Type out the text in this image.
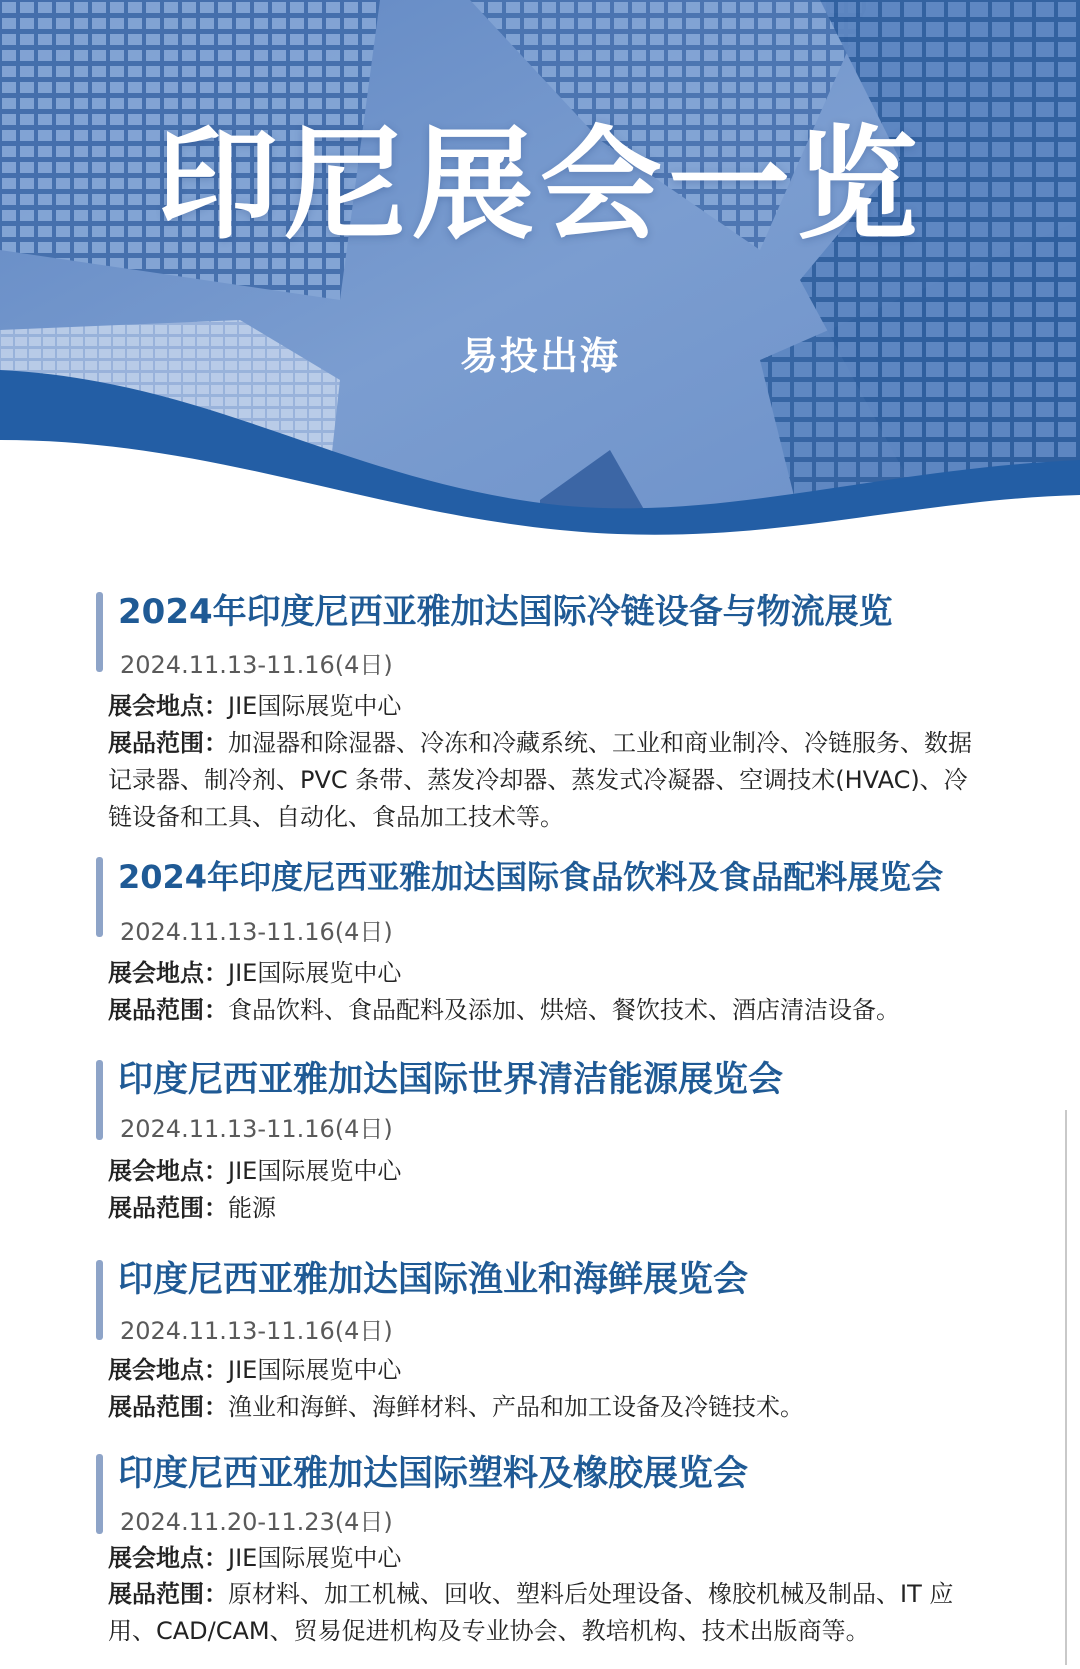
印尼展会一览
易投出海
2024年印度尼西亚雅加达国际冷链设备与物流展览
2024.11.13-11.16(4日)
展会地点：JIE国际展览中心
展品范围：加湿器和除湿器、冷冻和冷藏系统、工业和商业制冷、冷链服务、数据记录器、制冷剂、PVC 条带、蒸发冷却器、蒸发式冷凝器、空调技术(HVAC)、冷链设备和工具、自动化、食品加工技术等。
2024年印度尼西亚雅加达国际食品饮料及食品配料展览会
2024.11.13-11.16(4日)
展会地点：JIE国际展览中心
展品范围：食品饮料、食品配料及添加、烘焙、餐饮技术、酒店清洁设备。
印度尼西亚雅加达国际世界清洁能源展览会
2024.11.13-11.16(4日)
展会地点：JIE国际展览中心
展品范围：能源
印度尼西亚雅加达国际渔业和海鲜展览会
2024.11.13-11.16(4日)
展会地点：JIE国际展览中心
展品范围：渔业和海鲜、海鲜材料、产品和加工设备及冷链技术。
印度尼西亚雅加达国际塑料及橡胶展览会
2024.11.20-11.23(4日)
展会地点：JIE国际展览中心
展品范围：原材料、加工机械、回收、塑料后处理设备、橡胶机械及制品、IT 应用、CAD/CAM、贸易促进机构及专业协会、教培机构、技术出版商等。
